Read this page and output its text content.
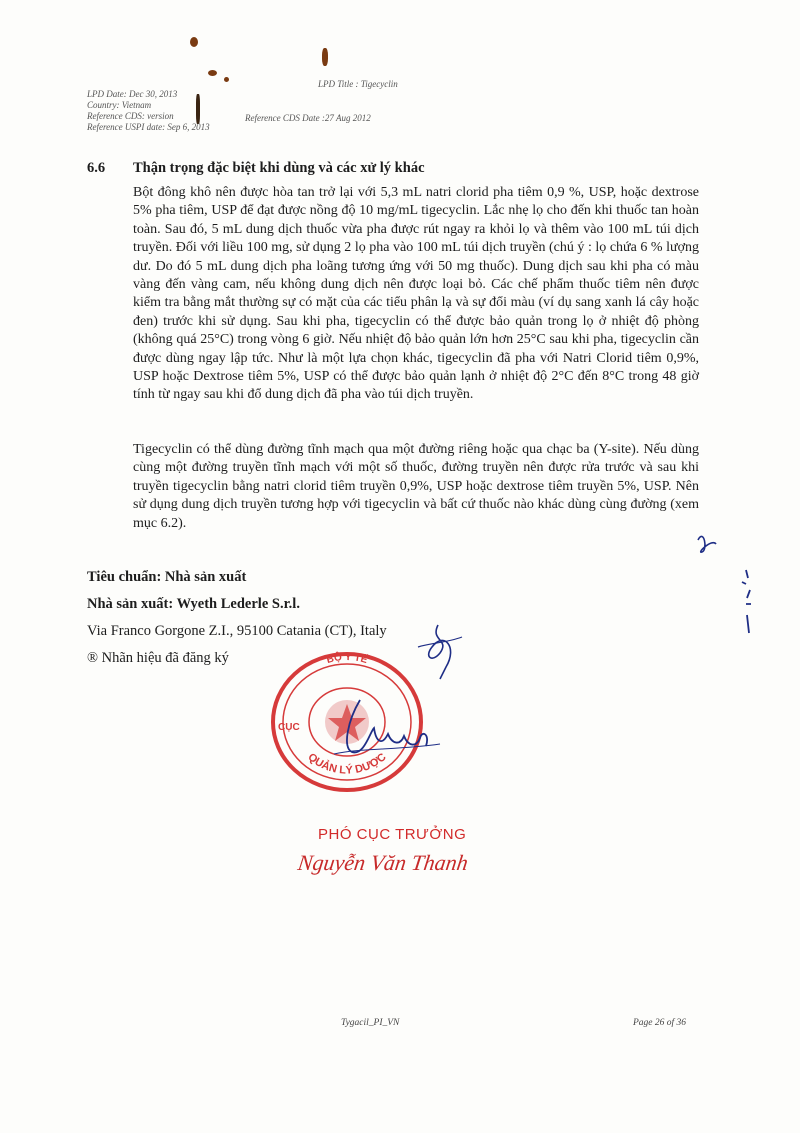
LPD Date: Dec 30, 2013
Country: Vietnam
Reference CDS: version
Reference USPI date: Sep 6, 2013
LPD Title : Tigecyclin
Reference CDS Date :27 Aug 2012
6.6 Thận trọng đặc biệt khi dùng và các xử lý khác

Bột đông khô nên được hòa tan trở lại với 5,3 mL natri clorid pha tiêm 0,9 %, USP, hoặc dextrose 5% pha tiêm, USP để đạt được nồng độ 10 mg/mL tigecyclin. Lắc nhẹ lọ cho đến khi thuốc tan hoàn toàn. Sau đó, 5 mL dung dịch thuốc vừa pha được rút ngay ra khỏi lọ và thêm vào 100 mL túi dịch truyền. Đối với liều 100 mg, sử dụng 2 lọ pha vào 100 mL túi dịch truyền (chú ý : lọ chứa 6 % lượng dư. Do đó 5 mL dung dịch pha loãng tương ứng với 50 mg thuốc). Dung dịch sau khi pha có màu vàng đến vàng cam, nếu không dung dịch nên được loại bỏ. Các chế phẩm thuốc tiêm nên được kiểm tra bằng mắt thường sự có mặt của các tiểu phân lạ và sự đổi màu (ví dụ sang xanh lá cây hoặc đen) trước khi sử dụng. Sau khi pha, tigecyclin có thể được bảo quản trong lọ ở nhiệt độ phòng (không quá 25°C) trong vòng 6 giờ. Nếu nhiệt độ bảo quản lớn hơn 25°C sau khi pha, tigecyclin cần được dùng ngay lập tức. Như là một lựa chọn khác, tigecyclin đã pha với Natri Clorid tiêm 0,9%, USP hoặc Dextrose tiêm 5%, USP có thể được bảo quản lạnh ở nhiệt độ 2°C đến 8°C trong 48 giờ tính từ ngay sau khi đổ dung dịch đã pha vào túi dịch truyền.

Tigecyclin có thể dùng đường tĩnh mạch qua một đường riêng hoặc qua chạc ba (Y-site). Nếu dùng cùng một đường truyền tĩnh mạch với một số thuốc, đường truyền nên được rửa trước và sau khi truyền tigecyclin bằng natri clorid tiêm truyền 0,9%, USP hoặc dextrose tiêm truyền 5%, USP. Nên sử dụng dung dịch truyền tương hợp với tigecyclin và bất cứ thuốc nào khác dùng cùng đường (xem mục 6.2).

Tiêu chuẩn: Nhà sản xuất
Nhà sản xuất: Wyeth Lederle S.r.l.
Via Franco Gorgone Z.I., 95100 Catania (CT), Italy
® Nhãn hiệu đã đăng ký	BỘ Y TẾ
CỤC
QUẢN LÝ DƯỢC
PHÓ CỤC TRƯỞNG
Nguyễn Văn Thanh
Tygacil_PI_VN	Page 26 of 36
